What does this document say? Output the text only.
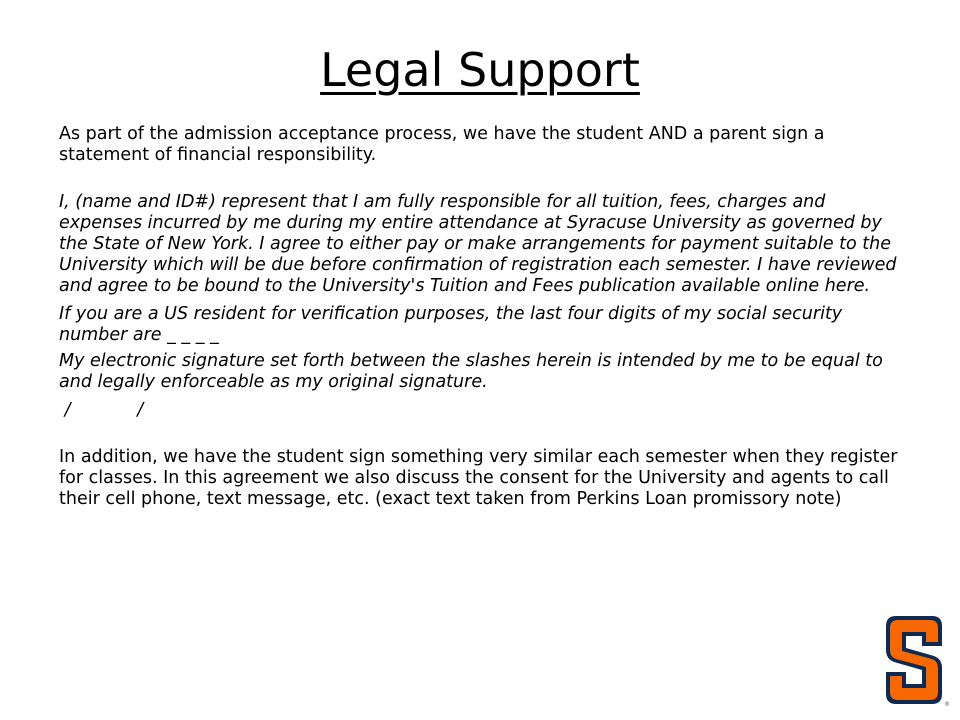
Legal Support

As part of the admission acceptance process, we have the student AND a parent sign a statement of financial responsibility.

I, (name and ID#) represent that I am fully responsible for all tuition, fees, charges and expenses incurred by me during my entire attendance at Syracuse University as governed by the State of New York. I agree to either pay or make arrangements for payment suitable to the University which will be due before confirmation of registration each semester. I have reviewed and agree to be bound to the University's Tuition and Fees publication available online here.

If you are a US resident for verification purposes, the last four digits of my social security number are _ _ _ _

My electronic signature set forth between the slashes herein is intended by me to be equal to and legally enforceable as my original signature.

/            /

In addition, we have the student sign something very similar each semester when they register for classes. In this agreement we also discuss the consent for the University and agents to call their cell phone, text message, etc. (exact text taken from Perkins Loan promissory note)

®
